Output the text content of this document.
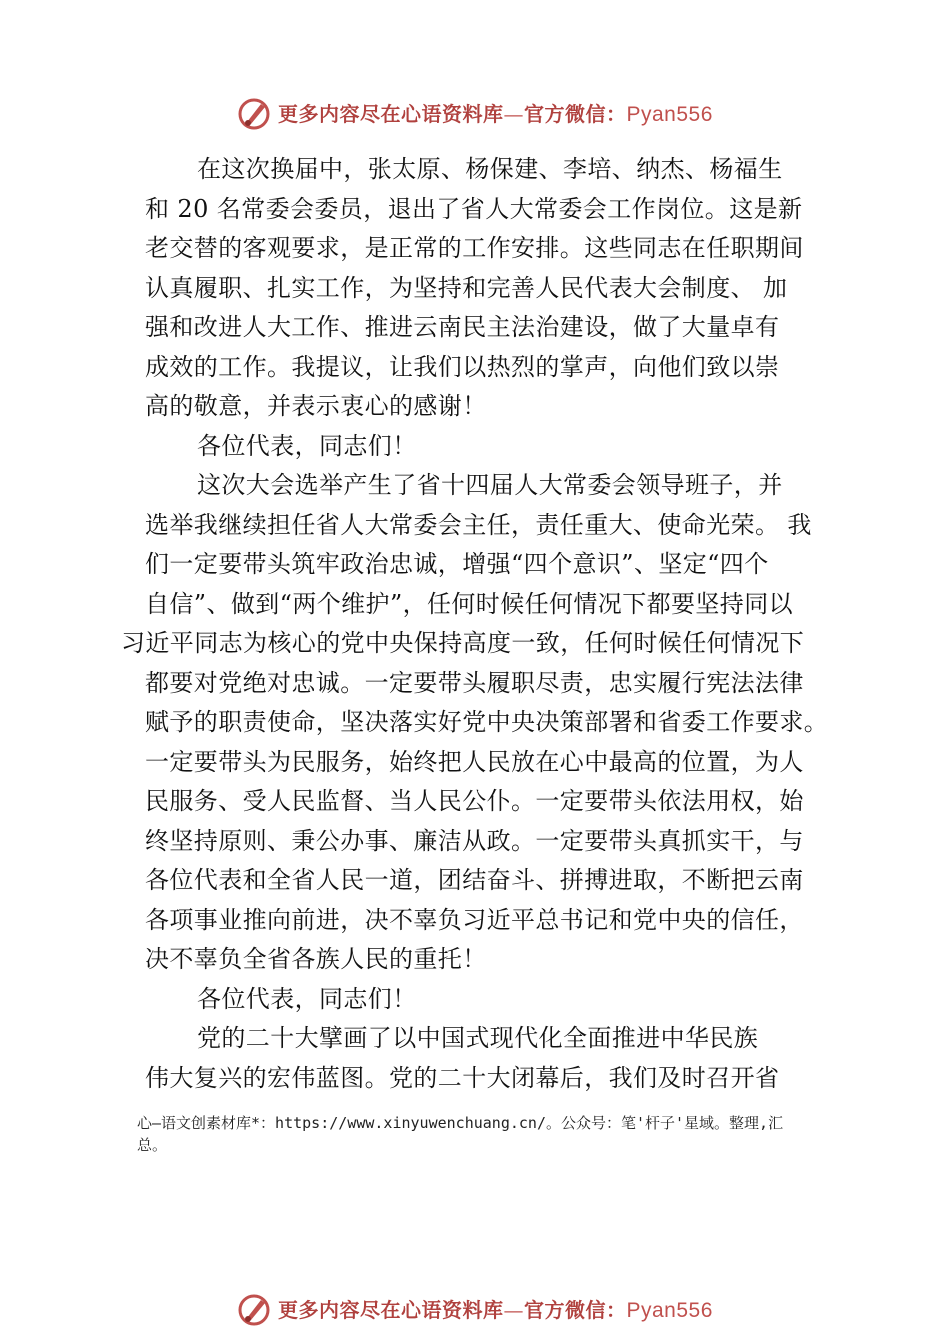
更多内容尽在心语资料库—官方微信：Pyan556
在这次换届中，张太原、杨保建、李培、纳杰、杨福生
和 20 名常委会委员，退出了省人大常委会工作岗位。这是新
老交替的客观要求，是正常的工作安排。这些同志在任职期间
认真履职、扎实工作，为坚持和完善人民代表大会制度、 加
强和改进人大工作、推进云南民主法治建设，做了大量卓有
成效的工作。我提议，让我们以热烈的掌声，向他们致以崇
高的敬意，并表示衷心的感谢！
各位代表，同志们！
这次大会选举产生了省十四届人大常委会领导班子，并
选举我继续担任省人大常委会主任，责任重大、使命光荣。 我
们一定要带头筑牢政治忠诚，增强“四个意识”、坚定“四个
自信”、做到“两个维护”，任何时候任何情况下都要坚持同以
习近平同志为核心的党中央保持高度一致，任何时候任何情况下
都要对党绝对忠诚。一定要带头履职尽责，忠实履行宪法法律
赋予的职责使命，坚决落实好党中央决策部署和省委工作要求。
一定要带头为民服务，始终把人民放在心中最高的位置，为人
民服务、受人民监督、当人民公仆。一定要带头依法用权，始
终坚持原则、秉公办事、廉洁从政。一定要带头真抓实干，与
各位代表和全省人民一道，团结奋斗、拼搏进取，不断把云南
各项事业推向前进，决不辜负习近平总书记和党中央的信任，
决不辜负全省各族人民的重托！
各位代表，同志们！
党的二十大擘画了以中国式现代化全面推进中华民族
伟大复兴的宏伟蓝图。党的二十大闭幕后，我们及时召开省
心—语文创素材库*：https://www.xinyuwenchuang.cn/。公众号：笔'杆子'星域。整理,汇
总。
更多内容尽在心语资料库—官方微信：Pyan556
